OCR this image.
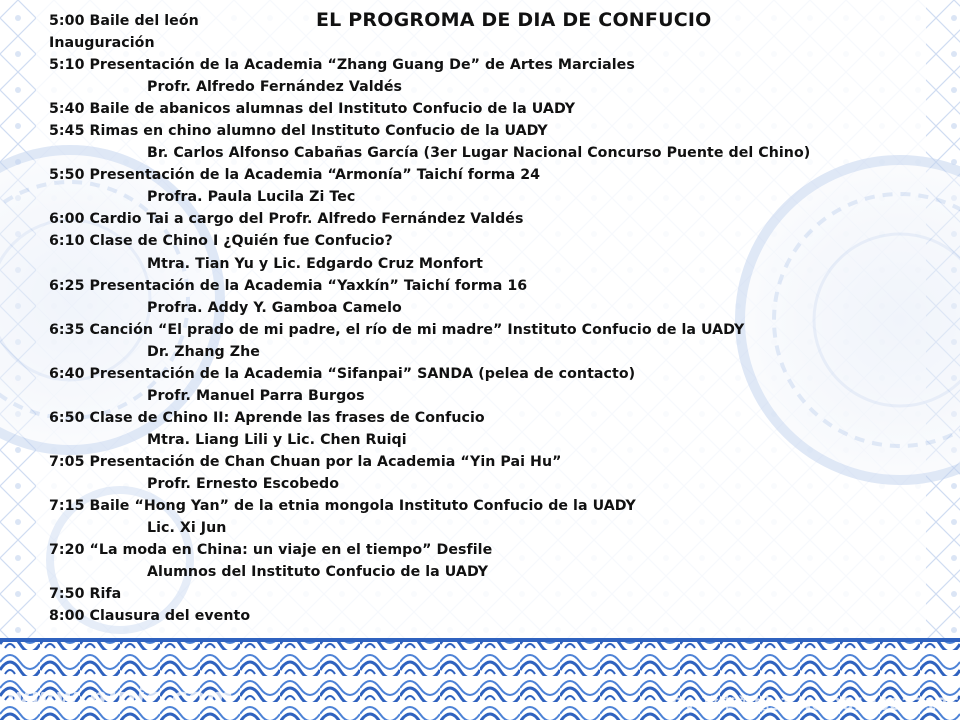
EL PROGROMA DE DIA DE CONFUCIO
5:00 Baile del león
Inauguración
5:10 Presentación de la Academia “Zhang Guang De” de Artes Marciales
Profr. Alfredo Fernández Valdés
5:40 Baile de abanicos alumnas del Instituto Confucio de la UADY
5:45 Rimas en chino alumno del Instituto Confucio de la UADY
Br. Carlos Alfonso Cabañas García (3er Lugar Nacional Concurso Puente del Chino)
5:50 Presentación de la Academia “Armonía” Taichí forma 24
Profra. Paula Lucila Zi Tec
6:00 Cardio Tai a cargo del Profr. Alfredo Fernández Valdés
6:10 Clase de Chino I ¿Quién fue Confucio?
Mtra. Tian Yu y Lic. Edgardo Cruz Monfort
6:25 Presentación de la Academia “Yaxkín” Taichí forma 16
Profra. Addy Y. Gamboa Camelo
6:35 Canción “El prado de mi padre, el río de mi madre” Instituto Confucio de la UADY
Dr. Zhang Zhe
6:40 Presentación de la Academia “Sifanpai” SANDA (pelea de contacto)
Profr. Manuel Parra Burgos
6:50 Clase de Chino II: Aprende las frases de Confucio
Mtra. Liang Lili y Lic. Chen Ruiqi
7:05 Presentación de Chan Chuan por la Academia “Yin Pai Hu”
Profr. Ernesto Escobedo
7:15 Baile “Hong Yan” de la etnia mongola Instituto Confucio de la UADY
Lic. Xi Jun
7:20 “La moda en China: un viaje en el tiempo” Desfile
Alumnos del Instituto Confucio de la UADY
7:50 Rifa
8:00 Clausura del evento
www.nipic.com	By:孜丰单相s1 No.20120613175
